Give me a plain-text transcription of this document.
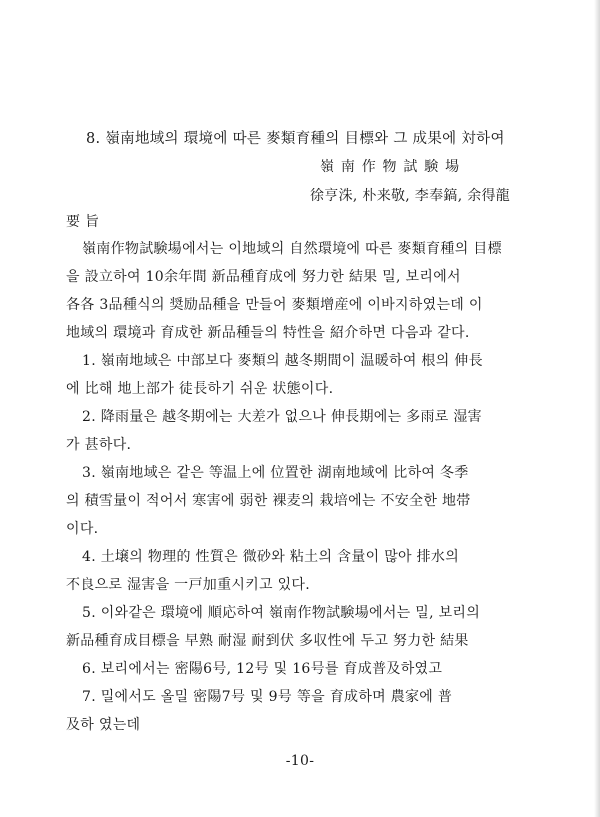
8. 嶺南地域의 環境에 따른 麥類育種의 目標와 그 成果에 対하여
嶺 南 作 物 試 験 場
徐亨洙, 朴来敬, 李奉鎬, 余得龍
要 旨
嶺南作物試験場에서는 이地域의 自然環境에 따른 麥類育種의 目標
을 設立하여 10余年間 新品種育成에 努力한 結果 밀, 보리에서
各各 3品種식의 奨励品種을 만들어 麥類增産에 이바지하였는데 이
地域의 環境과 育成한 新品種들의 特性을 紹介하면 다음과 같다.
1. 嶺南地域은 中部보다 麥類의 越冬期間이 温暖하여 根의 伸長
에 比해 地上部가 徒長하기 쉬운 状態이다.
2. 降雨量은 越冬期에는 大差가 없으나 伸長期에는 多雨로 湿害
가 甚하다.
3. 嶺南地域은 같은 等温上에 位置한 湖南地域에 比하여 冬季
의 積雪量이 적어서 寒害에 弱한 裸麦의 栽培에는 不安全한 地帯
이다.
4. 土壌의 物理的 性質은 微砂와 粘土의 含量이 많아 排水의
不良으로 湿害을 一戸加重시키고 있다.
5. 이와같은 環境에 順応하여 嶺南作物試験場에서는 밀, 보리의
新品種育成目標을 早熟 耐湿 耐到伏 多収性에 두고 努力한 結果
6. 보리에서는 密陽6号, 12号 및 16号를 育成普及하였고
7. 밀에서도 올밀 密陽7号 및 9号 等을 育成하며 農家에 普
及하 였는데
-10-
